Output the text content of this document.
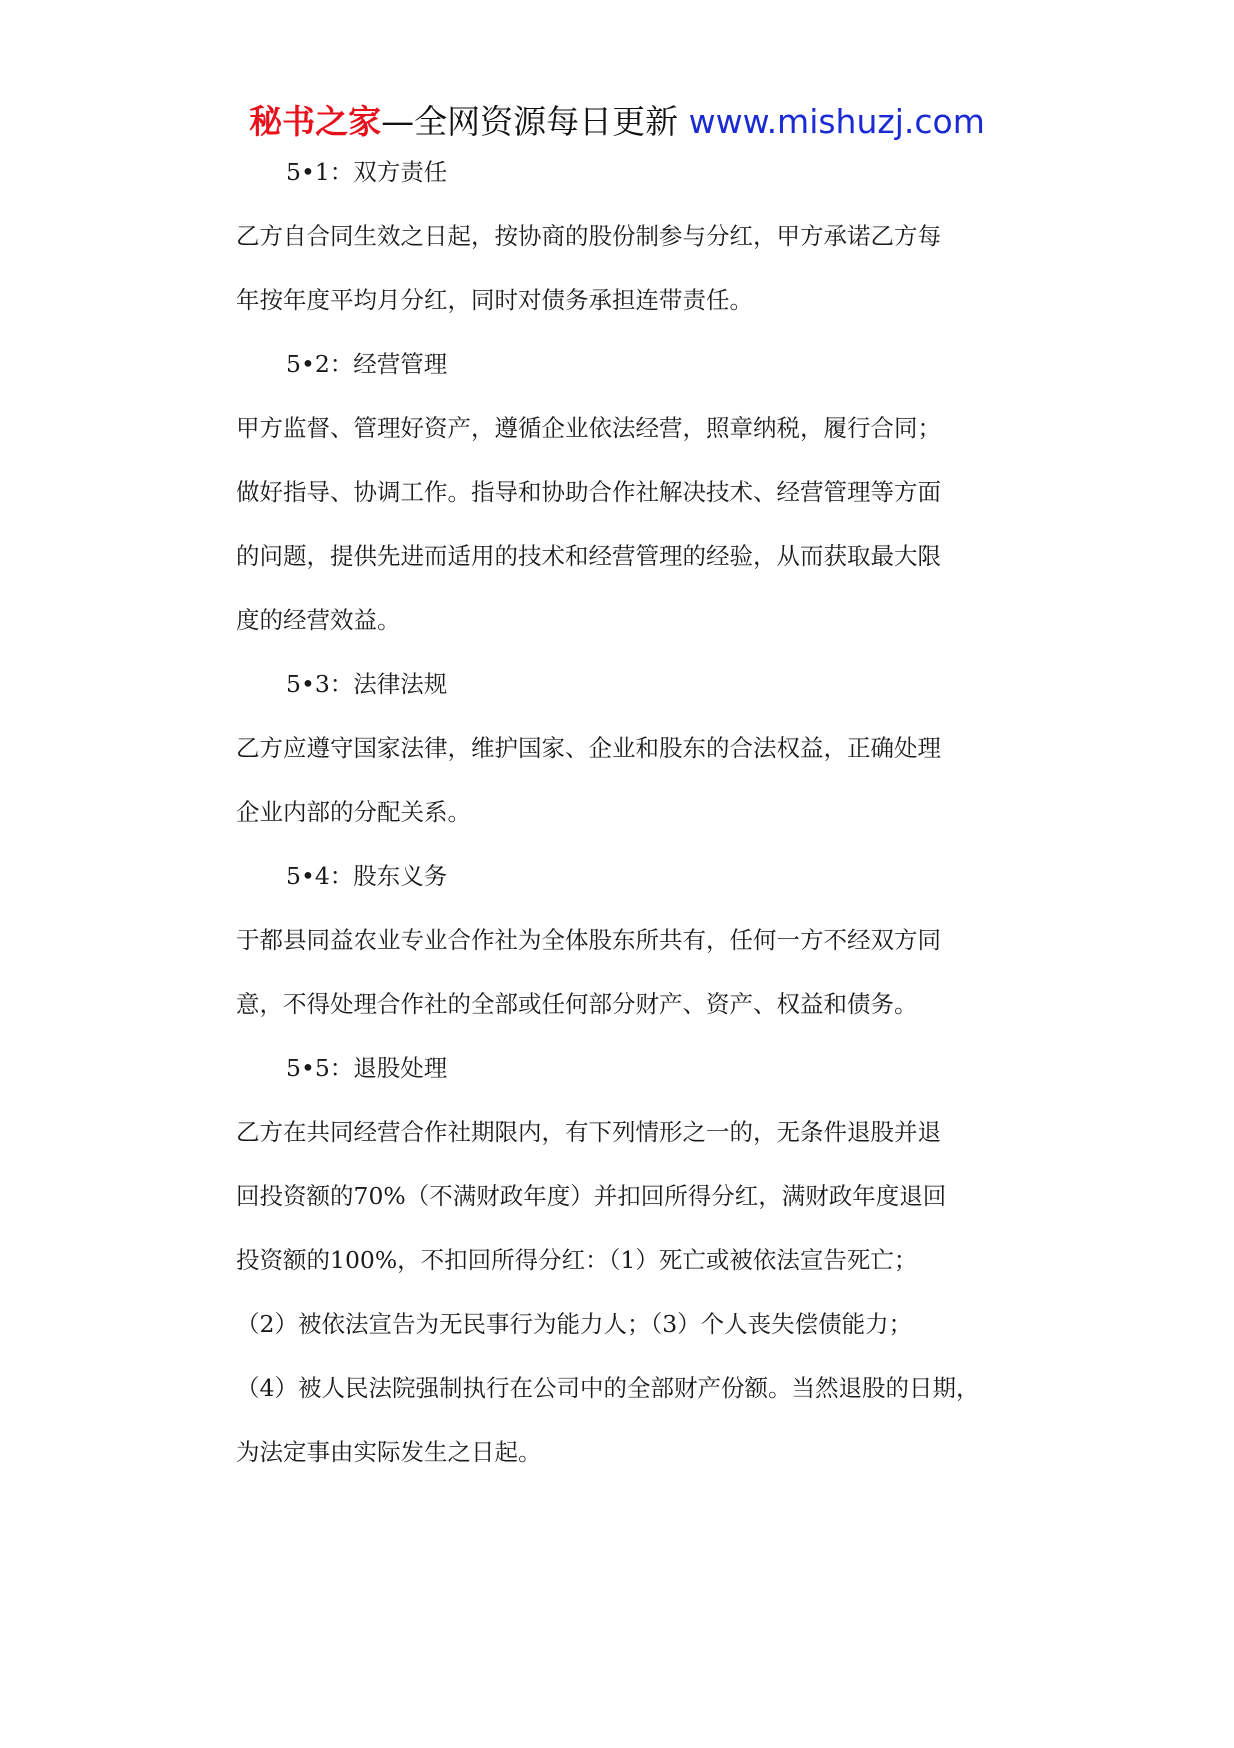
秘书之家—全网资源每日更新 www.mishuzj.com
5•1：双方责任
乙方自合同生效之日起，按协商的股份制参与分红，甲方承诺乙方每
年按年度平均月分红，同时对债务承担连带责任。
5•2：经营管理
甲方监督、管理好资产，遵循企业依法经营，照章纳税，履行合同；
做好指导、协调工作。指导和协助合作社解决技术、经营管理等方面
的问题，提供先进而适用的技术和经营管理的经验，从而获取最大限
度的经营效益。
5•3：法律法规
乙方应遵守国家法律，维护国家、企业和股东的合法权益，正确处理
企业内部的分配关系。
5•4：股东义务
于都县同益农业专业合作社为全体股东所共有，任何一方不经双方同
意，不得处理合作社的全部或任何部分财产、资产、权益和债务。
5•5：退股处理
乙方在共同经营合作社期限内，有下列情形之一的，无条件退股并退
回投资额的70%（不满财政年度）并扣回所得分红，满财政年度退回
投资额的100%，不扣回所得分红：（1）死亡或被依法宣告死亡；
（2）被依法宣告为无民事行为能力人；（3）个人丧失偿债能力；
（4）被人民法院强制执行在公司中的全部财产份额。当然退股的日期，
为法定事由实际发生之日起。
